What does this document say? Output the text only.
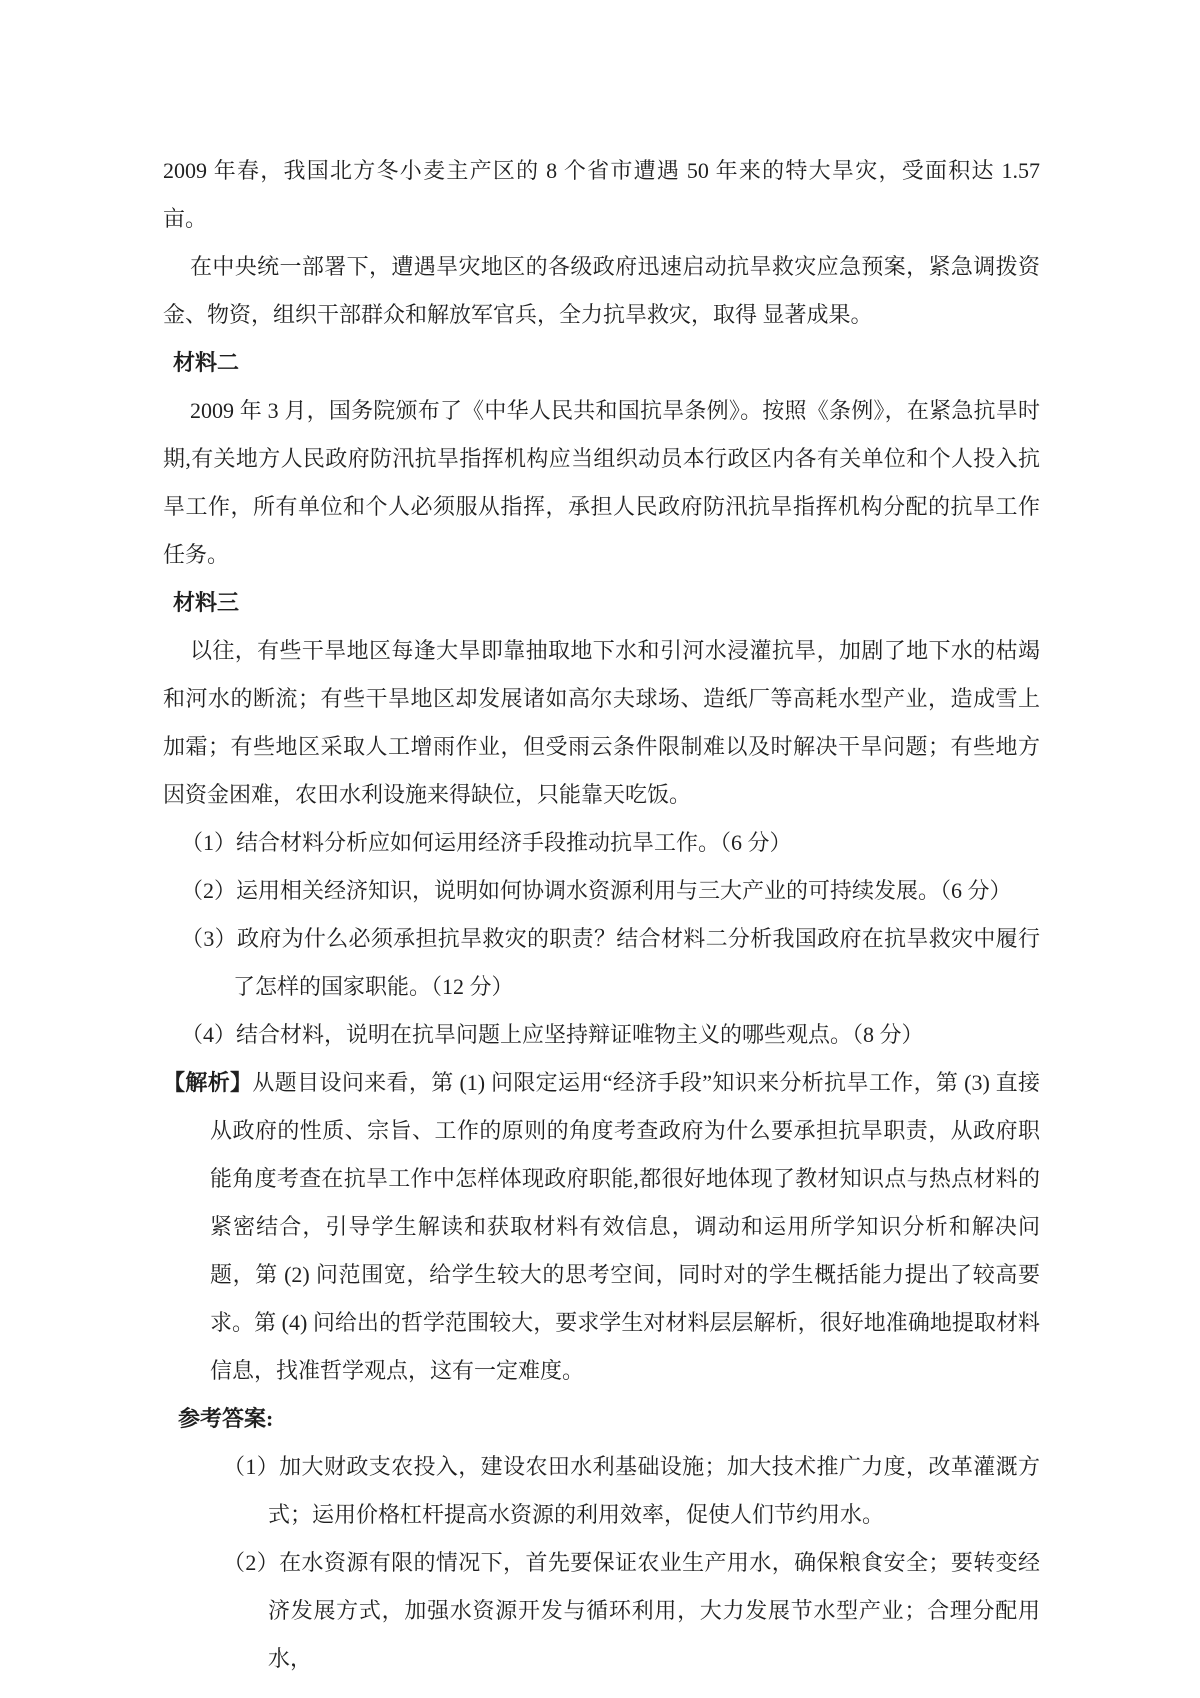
2009 年春，我国北方冬小麦主产区的 8 个省市遭遇 50 年来的特大旱灾，受面积达 1.57 亩。
在中央统一部署下，遭遇旱灾地区的各级政府迅速启动抗旱救灾应急预案，紧急调拨资金、物资，组织干部群众和解放军官兵，全力抗旱救灾，取得 显著成果。
材料二
2009 年 3 月，国务院颁布了《中华人民共和国抗旱条例》。按照《条例》，在紧急抗旱时期,有关地方人民政府防汛抗旱指挥机构应当组织动员本行政区内各有关单位和个人投入抗旱工作，所有单位和个人必须服从指挥，承担人民政府防汛抗旱指挥机构分配的抗旱工作任务。
材料三
以往，有些干旱地区每逢大旱即靠抽取地下水和引河水浸灌抗旱，加剧了地下水的枯竭和河水的断流；有些干旱地区却发展诸如高尔夫球场、造纸厂等高耗水型产业，造成雪上加霜；有些地区采取人工增雨作业，但受雨云条件限制难以及时解决干旱问题；有些地方因资金困难，农田水利设施来得缺位，只能靠天吃饭。
（1）结合材料分析应如何运用经济手段推动抗旱工作。（6 分）
（2）运用相关经济知识，说明如何协调水资源利用与三大产业的可持续发展。（6 分）
（3）政府为什么必须承担抗旱救灾的职责？结合材料二分析我国政府在抗旱救灾中履行了怎样的国家职能。（12 分）
（4）结合材料，说明在抗旱问题上应坚持辩证唯物主义的哪些观点。（8 分）
【解析】从题目设问来看，第 (1) 问限定运用“经济手段”知识来分析抗旱工作，第 (3) 直接从政府的性质、宗旨、工作的原则的角度考查政府为什么要承担抗旱职责，从政府职能角度考查在抗旱工作中怎样体现政府职能,都很好地体现了教材知识点与热点材料的紧密结合，引导学生解读和获取材料有效信息，调动和运用所学知识分析和解决问题，第 (2) 问范围宽，给学生较大的思考空间，同时对的学生概括能力提出了较高要求。第 (4) 问给出的哲学范围较大，要求学生对材料层层解析，很好地准确地提取材料信息，找准哲学观点，这有一定难度。
参考答案:
（1）加大财政支农投入，建设农田水利基础设施；加大技术推广力度，改革灌溉方式；运用价格杠杆提高水资源的利用效率，促使人们节约用水。
（2）在水资源有限的情况下，首先要保证农业生产用水，确保粮食安全；要转变经济发展方式，加强水资源开发与循环利用，大力发展节水型产业；合理分配用水，
